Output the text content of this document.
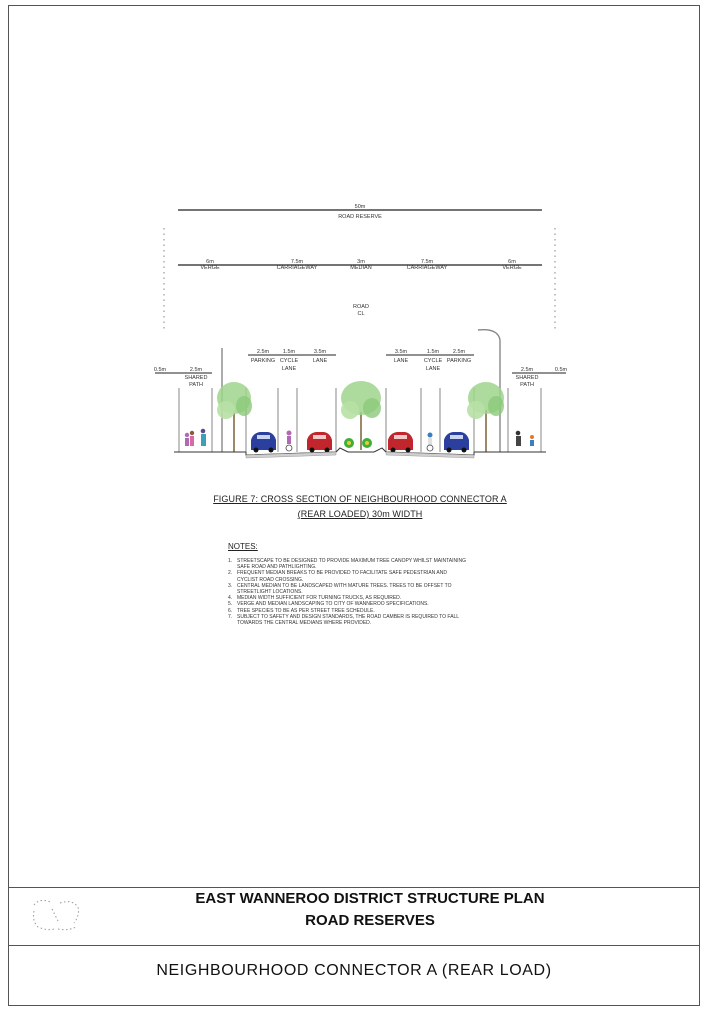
50m
ROAD RESERVE
6m
VERGE
7.5m
CARRIAGEWAY
3m
MEDIAN
7.5m
CARRIAGEWAY
6m
VERGE
ROAD
CL
0.5m	2.5m
SHARED
PATH
2.5m
PARKING
1.5m
CYCLE
LANE
3.5m
LANE
3.5m
LANE
1.5m
CYCLE
LANE
2.5m
PARKING
2.5m
SHARED
PATH
0.5m
FIGURE 7: CROSS SECTION OF NEIGHBOURHOOD CONNECTOR A
(REAR LOADED) 30m WIDTH
NOTES:
1. STREETSCAPE TO BE DESIGNED TO PROVIDE MAXIMUM TREE CANOPY WHILST MAINTAINING SAFE ROAD AND PATHLIGHTING.
2. FREQUENT MEDIAN BREAKS TO BE PROVIDED TO FACILITATE SAFE PEDESTRIAN AND CYCLIST ROAD CROSSING.
3. CENTRAL MEDIAN TO BE LANDSCAPED WITH MATURE TREES. TREES TO BE OFFSET TO STREETLIGHT LOCATIONS.
4. MEDIAN WIDTH SUFFICIENT FOR TURNING TRUCKS, AS REQUIRED.
5. VERGE AND MEDIAN LANDSCAPING TO CITY OF WANNEROO SPECIFICATIONS.
6. TREE SPECIES TO BE AS PER STREET TREE SCHEDULE.
7. SUBJECT TO SAFETY AND DESIGN STANDARDS, THE ROAD CAMBER IS REQUIRED TO FALL TOWARDS THE CENTRAL MEDIANS WHERE PROVIDED.
EAST WANNEROO DISTRICT STRUCTURE PLAN
ROAD RESERVES
NEIGHBOURHOOD CONNECTOR A (REAR LOAD)
